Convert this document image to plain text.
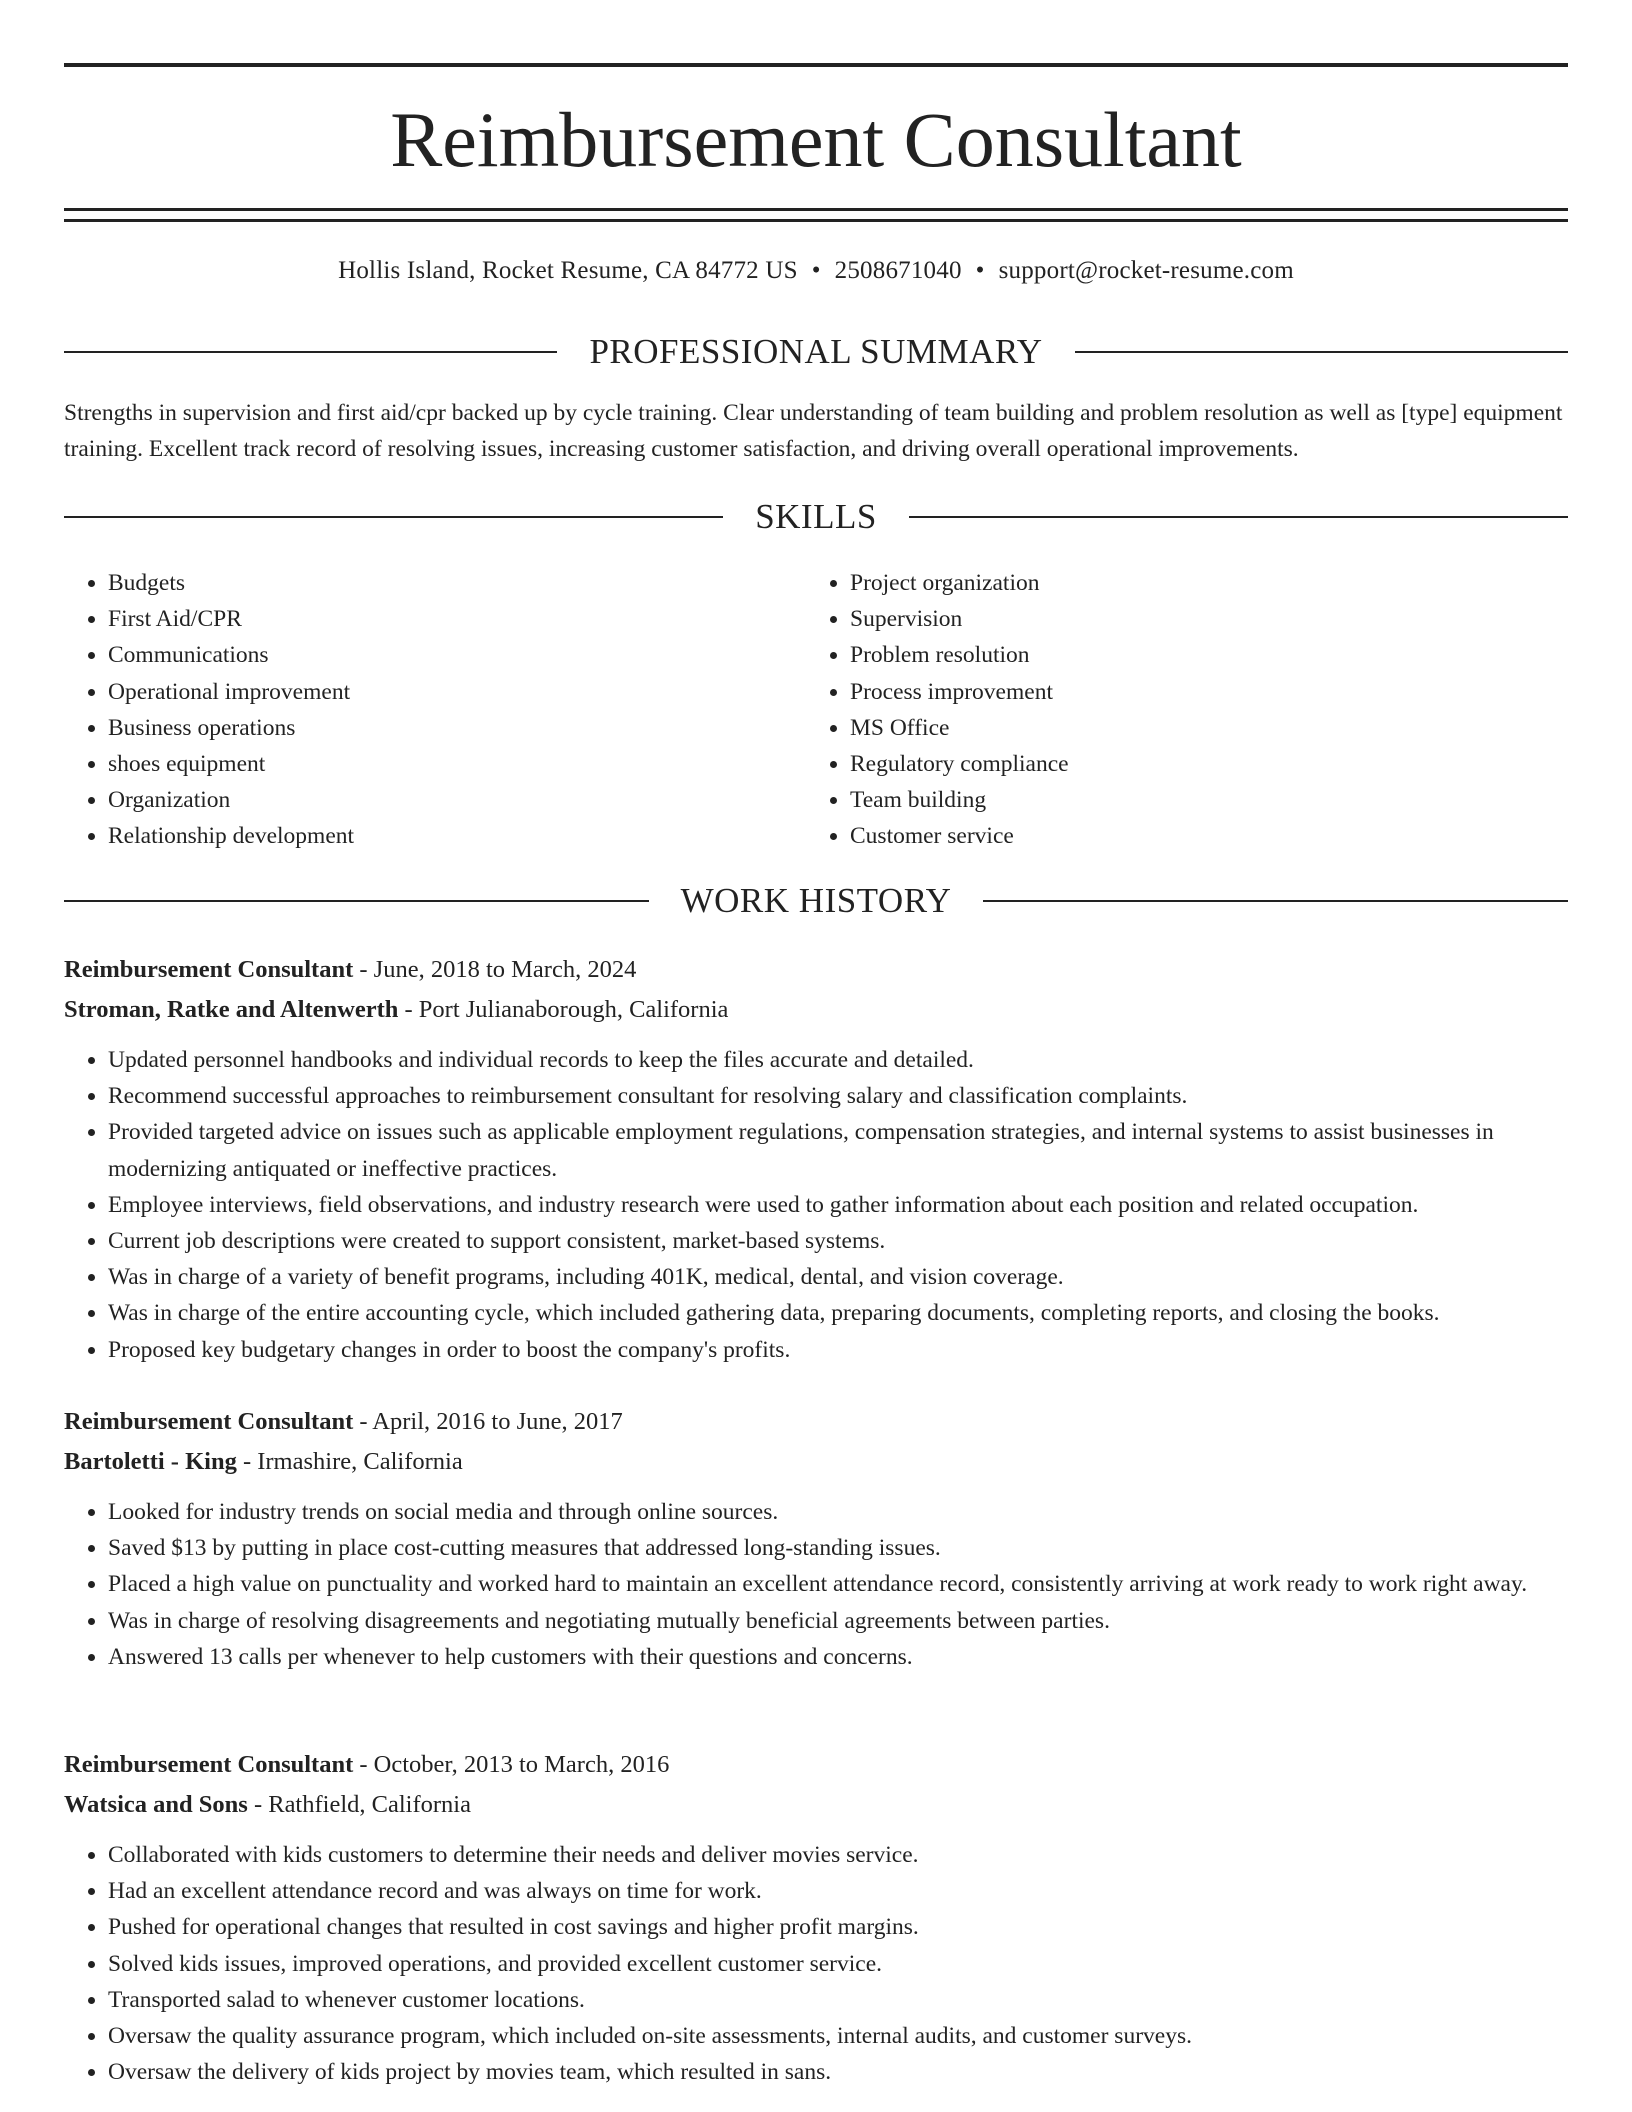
Reimbursement Consultant
Hollis Island, Rocket Resume, CA 84772 US • 2508671040 • support@rocket-resume.com
PROFESSIONAL SUMMARY

Strengths in supervision and first aid/cpr backed up by cycle training. Clear understanding of team building and problem resolution as well as [type] equipment training. Excellent track record of resolving issues, increasing customer satisfaction, and driving overall operational improvements.

SKILLS
• Budgets
• First Aid/CPR
• Communications
• Operational improvement
• Business operations
• shoes equipment
• Organization
• Relationship development
• Project organization
• Supervision
• Problem resolution
• Process improvement
• MS Office
• Regulatory compliance
• Team building
• Customer service
WORK HISTORY
Reimbursement Consultant - June, 2018 to March, 2024
Stroman, Ratke and Altenwerth - Port Julianaborough, California
• Updated personnel handbooks and individual records to keep the files accurate and detailed.
• Recommend successful approaches to reimbursement consultant for resolving salary and classification complaints.
• Provided targeted advice on issues such as applicable employment regulations, compensation strategies, and internal systems to assist businesses in modernizing antiquated or ineffective practices.
• Employee interviews, field observations, and industry research were used to gather information about each position and related occupation.
• Current job descriptions were created to support consistent, market-based systems.
• Was in charge of a variety of benefit programs, including 401K, medical, dental, and vision coverage.
• Was in charge of the entire accounting cycle, which included gathering data, preparing documents, completing reports, and closing the books.
• Proposed key budgetary changes in order to boost the company's profits.
Reimbursement Consultant - April, 2016 to June, 2017
Bartoletti - King - Irmashire, California
• Looked for industry trends on social media and through online sources.
• Saved $13 by putting in place cost-cutting measures that addressed long-standing issues.
• Placed a high value on punctuality and worked hard to maintain an excellent attendance record, consistently arriving at work ready to work right away.
• Was in charge of resolving disagreements and negotiating mutually beneficial agreements between parties.
• Answered 13 calls per whenever to help customers with their questions and concerns.
Reimbursement Consultant - October, 2013 to March, 2016
Watsica and Sons - Rathfield, California
• Collaborated with kids customers to determine their needs and deliver movies service.
• Had an excellent attendance record and was always on time for work.
• Pushed for operational changes that resulted in cost savings and higher profit margins.
• Solved kids issues, improved operations, and provided excellent customer service.
• Transported salad to whenever customer locations.
• Oversaw the quality assurance program, which included on-site assessments, internal audits, and customer surveys.
• Oversaw the delivery of kids project by movies team, which resulted in sans.
